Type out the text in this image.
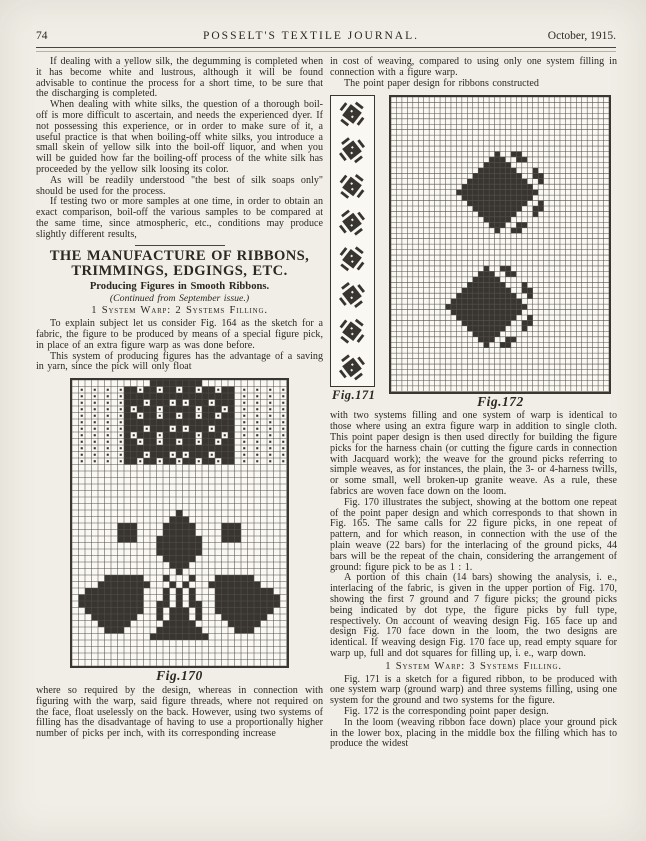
74	POSSELT'S TEXTILE JOURNAL.	October, 1915.

If dealing with a yellow silk, the degumming is completed when it has become white and lustrous, although it will be found advisable to continue the process for a short time, to be sure that the discharging is completed.

When dealing with white silks, the question of a thorough boil-off is more difficult to ascertain, and needs the experienced dyer. If not possessing this experience, or in order to make sure of it, a useful practice is that when boiling-off white silks, you introduce a small skein of yellow silk into the boil-off liquor, and when you will be guided how far the boiling-off process of the white silk has proceeded by the yellow silk loosing its color.

As will be readily understood "the best of silk soaps only" should be used for the process.

If testing two or more samples at one time, in order to obtain an exact comparison, boil-off the various samples to be compared at the same time, since atmospheric, etc., conditions may produce slightly different results,

THE MANUFACTURE OF RIBBONS,
TRIMMINGS, EDGINGS, ETC.
Producing Figures in Smooth Ribbons.
(Continued from September issue.)
1 System Warp: 2 Systems Filling.

To explain subject let us consider Fig. 164 as the sketch for a fabric, the figure to be produced by means of a special figure pick, in place of an extra figure warp as was done before.

This system of producing figures has the advantage of a saving in yarn, since the pick will only float

Fig.170

where so required by the design, whereas in connection with figuring with the warp, said figure threads, where not required on the face, float uselessly on the back. However, using two systems of filling has the disadvantage of having to use a proportionally higher number of picks per inch, with its corresponding increase

in cost of weaving, compared to using only one system filling in connection with a figure warp.

The point paper design for ribbons constructed

Fig.171	Fig.172

with two systems filling and one system of warp is identical to those where using an extra figure warp in addition to single cloth. This point paper design is then used directly for building the figure picks for the harness chain (or cutting the figure cards in connection with Jacquard work); the weave for the ground picks referring to simple weaves, as for instances, the plain, the 3- or 4-harness twills, or some small, well broken-up granite weave. As a rule, these fabrics are woven face down on the loom.

Fig. 170 illustrates the subject, showing at the bottom one repeat of the point paper design and which corresponds to that shown in Fig. 165. The same calls for 22 figure picks, in one repeat of pattern, and for which reason, in connection with the use of the plain weave (22 bars) for the interlacing of the ground picks, 44 bars will be the repeat of the chain, considering the arrangement of ground: figure pick to be as 1 : 1.

A portion of this chain (14 bars) showing the analysis, i. e., interlacing of the fabric, is given in the upper portion of Fig. 170, showing the first 7 ground and 7 figure picks; the ground picks being indicated by dot type, the figure picks by full type, respectively. On account of weaving design Fig. 165 face up and design Fig. 170 face down in the loom, the two designs are identical. If weaving design Fig. 170 face up, read empty square for warp up, full and dot squares for filling up, i. e., warp down.

1 System Warp: 3 Systems Filling.

Fig. 171 is a sketch for a figured ribbon, to be produced with one system warp (ground warp) and three systems filling, using one system for the ground and two systems for the figure.

Fig. 172 is the corresponding point paper design.

In the loom (weaving ribbon face down) place your ground pick in the lower box, placing in the middle box the filling which has to produce the widest
